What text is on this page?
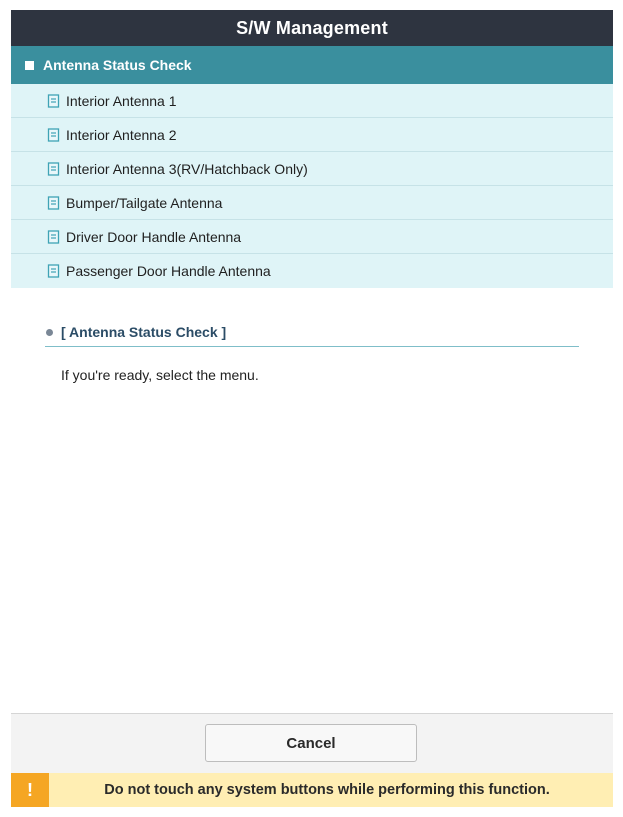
S/W Management
Antenna Status Check
Interior Antenna 1
Interior Antenna 2
Interior Antenna 3(RV/Hatchback Only)
Bumper/Tailgate Antenna
Driver Door Handle Antenna
Passenger Door Handle Antenna
[ Antenna Status Check ]
If you're ready, select the menu.
Cancel
!	Do not touch any system buttons while performing this function.
